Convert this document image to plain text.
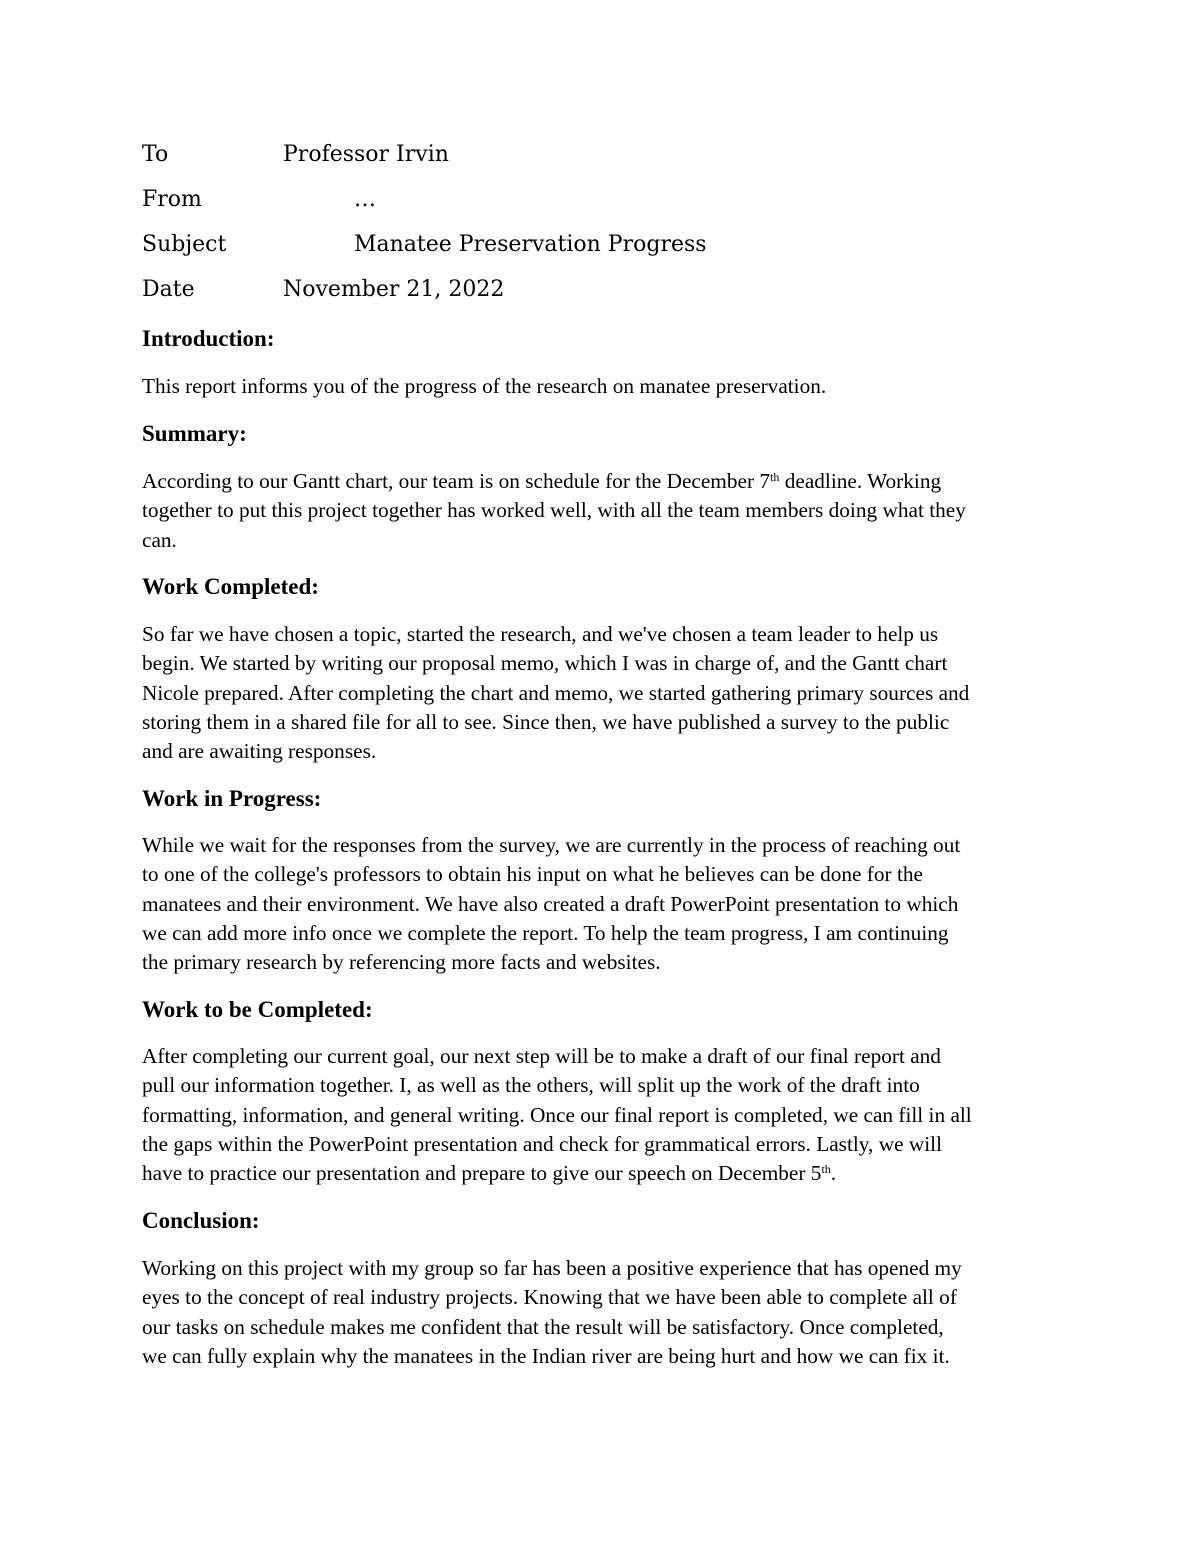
To	Professor Irvin
From	…
Subject	Manatee Preservation Progress
Date	November 21, 2022
Introduction:
This report informs you of the progress of the research on manatee preservation.
Summary:
According to our Gantt chart, our team is on schedule for the December 7th deadline. Working
together to put this project together has worked well, with all the team members doing what they
can.
Work Completed:
So far we have chosen a topic, started the research, and we've chosen a team leader to help us
begin. We started by writing our proposal memo, which I was in charge of, and the Gantt chart
Nicole prepared. After completing the chart and memo, we started gathering primary sources and
storing them in a shared file for all to see. Since then, we have published a survey to the public
and are awaiting responses.
Work in Progress:
While we wait for the responses from the survey, we are currently in the process of reaching out
to one of the college's professors to obtain his input on what he believes can be done for the
manatees and their environment. We have also created a draft PowerPoint presentation to which
we can add more info once we complete the report. To help the team progress, I am continuing
the primary research by referencing more facts and websites.
Work to be Completed:
After completing our current goal, our next step will be to make a draft of our final report and
pull our information together. I, as well as the others, will split up the work of the draft into
formatting, information, and general writing. Once our final report is completed, we can fill in all
the gaps within the PowerPoint presentation and check for grammatical errors. Lastly, we will
have to practice our presentation and prepare to give our speech on December 5th.
Conclusion:
Working on this project with my group so far has been a positive experience that has opened my
eyes to the concept of real industry projects. Knowing that we have been able to complete all of
our tasks on schedule makes me confident that the result will be satisfactory. Once completed,
we can fully explain why the manatees in the Indian river are being hurt and how we can fix it.
